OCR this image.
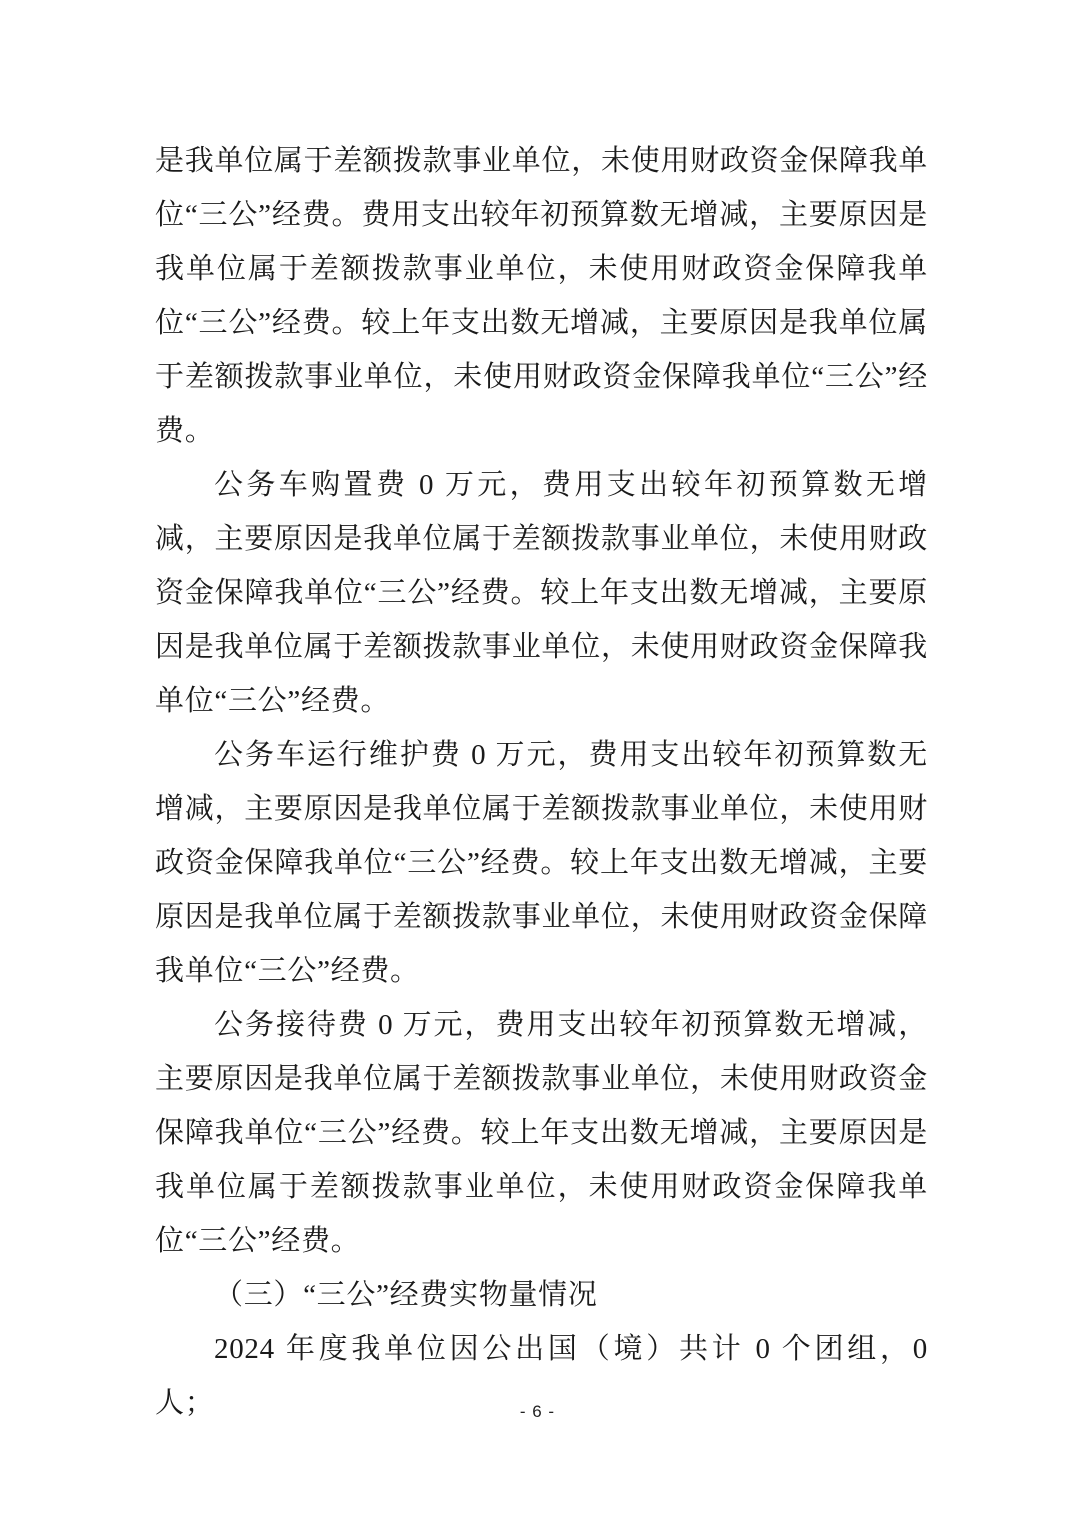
是我单位属于差额拨款事业单位，未使用财政资金保障我单位“三公”经费。费用支出较年初预算数无增减，主要原因是我单位属于差额拨款事业单位，未使用财政资金保障我单位“三公”经费。较上年支出数无增减，主要原因是我单位属于差额拨款事业单位，未使用财政资金保障我单位“三公”经费。

公务车购置费 0 万元，费用支出较年初预算数无增减，主要原因是我单位属于差额拨款事业单位，未使用财政资金保障我单位“三公”经费。较上年支出数无增减，主要原因是我单位属于差额拨款事业单位，未使用财政资金保障我单位“三公”经费。

公务车运行维护费 0 万元，费用支出较年初预算数无增减，主要原因是我单位属于差额拨款事业单位，未使用财政资金保障我单位“三公”经费。较上年支出数无增减，主要原因是我单位属于差额拨款事业单位，未使用财政资金保障我单位“三公”经费。

公务接待费 0 万元，费用支出较年初预算数无增减，主要原因是我单位属于差额拨款事业单位，未使用财政资金保障我单位“三公”经费。较上年支出数无增减，主要原因是我单位属于差额拨款事业单位，未使用财政资金保障我单位“三公”经费。

（三）“三公”经费实物量情况

2024 年度我单位因公出国（境）共计 0 个团组，0 人；	- 6 -
